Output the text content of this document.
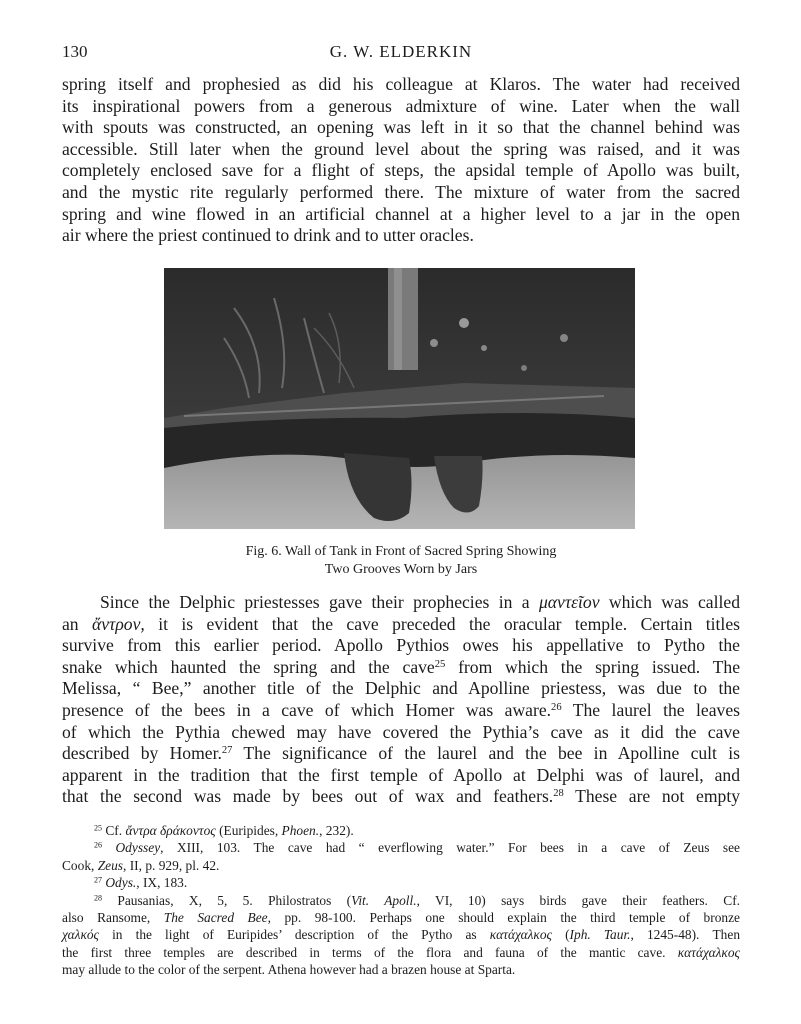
130	G. W. ELDERKIN
spring itself and prophesied as did his colleague at Klaros. The water had received
its inspirational powers from a generous admixture of wine. Later when the wall
with spouts was constructed, an opening was left in it so that the channel behind was
accessible. Still later when the ground level about the spring was raised, and it was
completely enclosed save for a flight of steps, the apsidal temple of Apollo was built,
and the mystic rite regularly performed there. The mixture of water from the sacred
spring and wine flowed in an artificial channel at a higher level to a jar in the open
air where the priest continued to drink and to utter oracles.
Fig. 6. Wall of Tank in Front of Sacred Spring Showing
Two Grooves Worn by Jars
Since the Delphic priestesses gave their prophecies in a μαντεῖον which was called
an ἄντρον, it is evident that the cave preceded the oracular temple. Certain titles
survive from this earlier period. Apollo Pythios owes his appellative to Pytho the
snake which haunted the spring and the cave$^{25}$ from which the spring issued. The
Melissa, “ Bee,” another title of the Delphic and Apolline priestess, was due to the
presence of the bees in a cave of which Homer was aware.$^{26}$ The laurel the leaves
of which the Pythia chewed may have covered the Pythia’s cave as it did the cave
described by Homer.$^{27}$ The significance of the laurel and the bee in Apolline cult is
apparent in the tradition that the first temple of Apollo at Delphi was of laurel, and
that the second was made by bees out of wax and feathers.$^{28}$ These are not empty
$^{25}$ Cf. ἄντρα δράκοντος (Euripides, Phoen., 232).
$^{26}$ Odyssey, XIII, 103. The cave had “ everflowing water.” For bees in a cave of Zeus see
Cook, Zeus, II, p. 929, pl. 42.
$^{27}$ Odys., IX, 183.
$^{28}$ Pausanias, X, 5, 5. Philostratos (Vit. Apoll., VI, 10) says birds gave their feathers. Cf.
also Ransome, The Sacred Bee, pp. 98-100. Perhaps one should explain the third temple of bronze
χαλκός in the light of Euripides’ description of the Pytho as κατάχαλκος (Iph. Taur., 1245-48). Then
the first three temples are described in terms of the flora and fauna of the mantic cave. κατάχαλκος
may allude to the color of the serpent. Athena however had a brazen house at Sparta.
